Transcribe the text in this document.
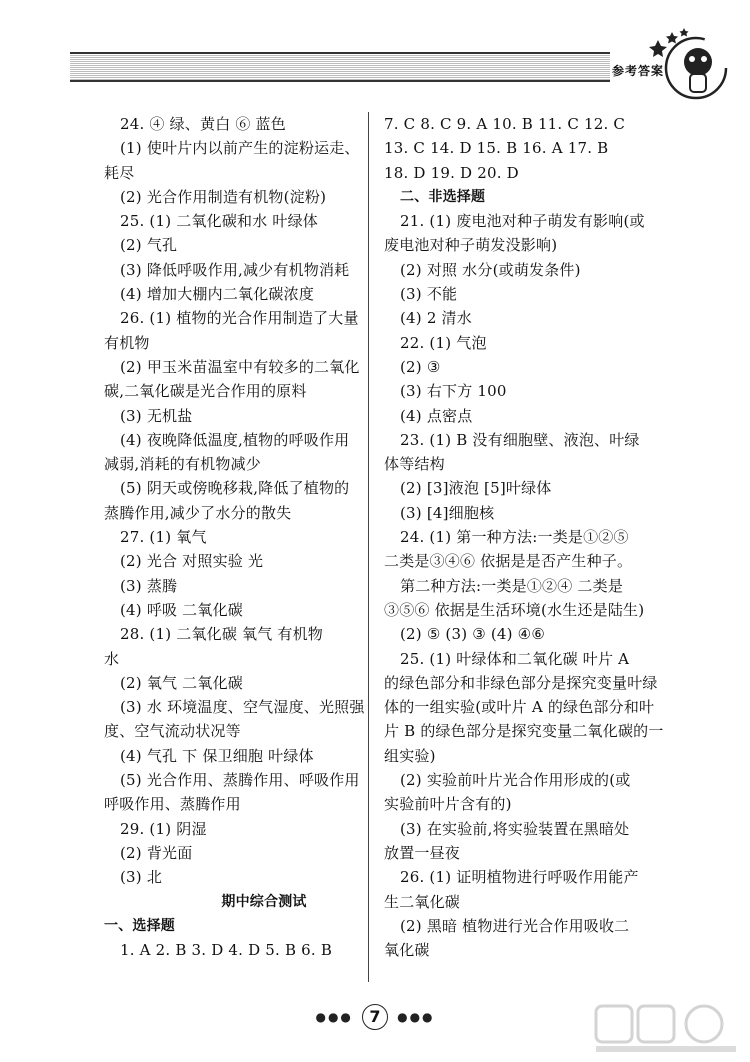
参考答案
24. ④ 绿、黄白 ⑥ 蓝色
(1) 使叶片内以前产生的淀粉运走、
耗尽
(2) 光合作用制造有机物(淀粉)
25. (1) 二氧化碳和水 叶绿体
(2) 气孔
(3) 降低呼吸作用,减少有机物消耗
(4) 增加大棚内二氧化碳浓度
26. (1) 植物的光合作用制造了大量
有机物
(2) 甲玉米苗温室中有较多的二氧化
碳,二氧化碳是光合作用的原料
(3) 无机盐
(4) 夜晚降低温度,植物的呼吸作用
减弱,消耗的有机物减少
(5) 阴天或傍晚移栽,降低了植物的
蒸腾作用,减少了水分的散失
27. (1) 氧气
(2) 光合 对照实验 光
(3) 蒸腾
(4) 呼吸 二氧化碳
28. (1) 二氧化碳 氧气 有机物
水
(2) 氧气 二氧化碳
(3) 水 环境温度、空气湿度、光照强
度、空气流动状况等
(4) 气孔 下 保卫细胞 叶绿体
(5) 光合作用、蒸腾作用、呼吸作用
呼吸作用、蒸腾作用
29. (1) 阴湿
(2) 背光面
(3) 北
期中综合测试
一、选择题
1. A 2. B 3. D 4. D 5. B 6. B
7. C 8. C 9. A 10. B 11. C 12. C
13. C 14. D 15. B 16. A 17. B
18. D 19. D 20. D
二、非选择题
21. (1) 废电池对种子萌发有影响(或
废电池对种子萌发没影响)
(2) 对照 水分(或萌发条件)
(3) 不能
(4) 2 清水
22. (1) 气泡
(2) ③
(3) 右下方 100
(4) 点密点
23. (1) B 没有细胞壁、液泡、叶绿
体等结构
(2) [3]液泡 [5]叶绿体
(3) [4]细胞核
24. (1) 第一种方法:一类是①②⑤
二类是③④⑥ 依据是是否产生种子。
第二种方法:一类是①②④ 二类是
③⑤⑥ 依据是生活环境(水生还是陆生)
(2) ⑤ (3) ③ (4) ④⑥
25. (1) 叶绿体和二氧化碳 叶片 A
的绿色部分和非绿色部分是探究变量叶绿
体的一组实验(或叶片 A 的绿色部分和叶
片 B 的绿色部分是探究变量二氧化碳的一
组实验)
(2) 实验前叶片光合作用形成的(或
实验前叶片含有的)
(3) 在实验前,将实验装置在黑暗处
放置一昼夜
26. (1) 证明植物进行呼吸作用能产
生二氧化碳
(2) 黑暗 植物进行光合作用吸收二
氧化碳
●●● 7 ●●●
